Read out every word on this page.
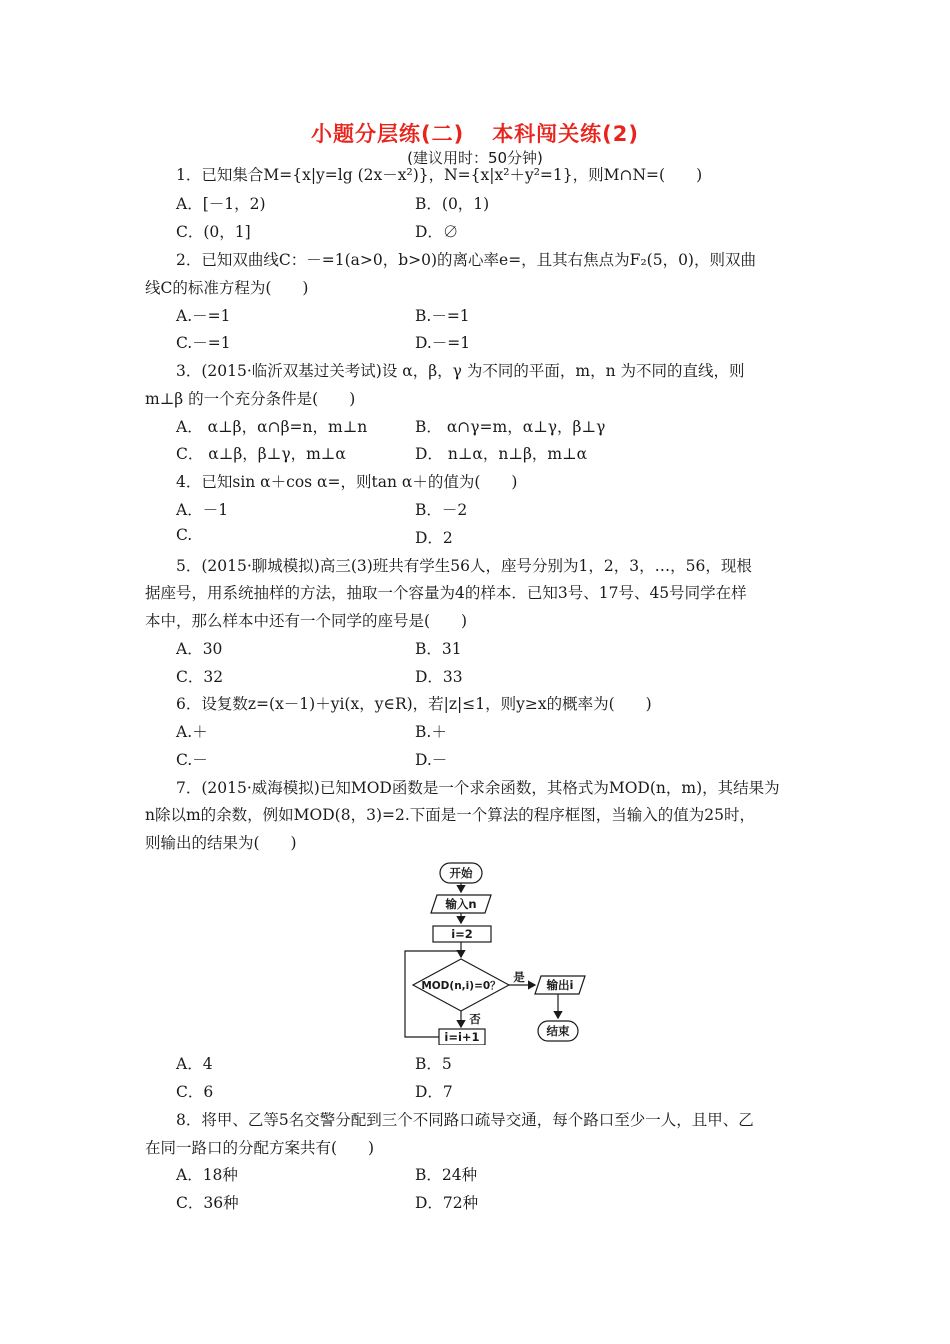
小题分层练(二) 本科闯关练(2)
(建议用时：50分钟)
1．已知集合M={x|y=lg (2x－x²)}，N={x|x²＋y²=1}，则M∩N=(　　)
A．[－1，2)	B．(0，1)
C．(0，1]	D．∅
2．已知双曲线C：－=1(a>0，b>0)的离心率e=，且其右焦点为F₂(5，0)，则双曲
线C的标准方程为(　　)
A.－=1	B.－=1
C.－=1	D.－=1
3．(2015·临沂双基过关考试)设 α，β，γ 为不同的平面，m，n 为不同的直线，则
m⊥β 的一个充分条件是(　　)
A． α⊥β，α∩β=n，m⊥n	B． α∩γ=m，α⊥γ，β⊥γ
C． α⊥β，β⊥γ，m⊥α	D． n⊥α，n⊥β，m⊥α
4．已知sin α＋cos α=，则tan α＋的值为(　　)
A．－1	B．－2
C.	D．2
5．(2015·聊城模拟)高三(3)班共有学生56人，座号分别为1，2，3，…，56，现根
据座号，用系统抽样的方法，抽取一个容量为4的样本．已知3号、17号、45号同学在样
本中，那么样本中还有一个同学的座号是(　　)
A．30	B．31
C．32	D．33
6．设复数z=(x－1)＋yi(x，y∈R)，若|z|≤1，则y≥x的概率为(　　)
A.＋	B.＋
C.－	D.－
7．(2015·威海模拟)已知MOD函数是一个求余函数，其格式为MOD(n，m)，其结果为
n除以m的余数，例如MOD(8，3)=2.下面是一个算法的程序框图，当输入的值为25时，
则输出的结果为(　　)
开始
输入n
i=2
MOD(n,i)=0？
是
输出i
结束
否
i=i+1
A．4	B．5
C．6	D．7
8．将甲、乙等5名交警分配到三个不同路口疏导交通，每个路口至少一人，且甲、乙
在同一路口的分配方案共有(　　)
A．18种	B．24种
C．36种	D．72种
